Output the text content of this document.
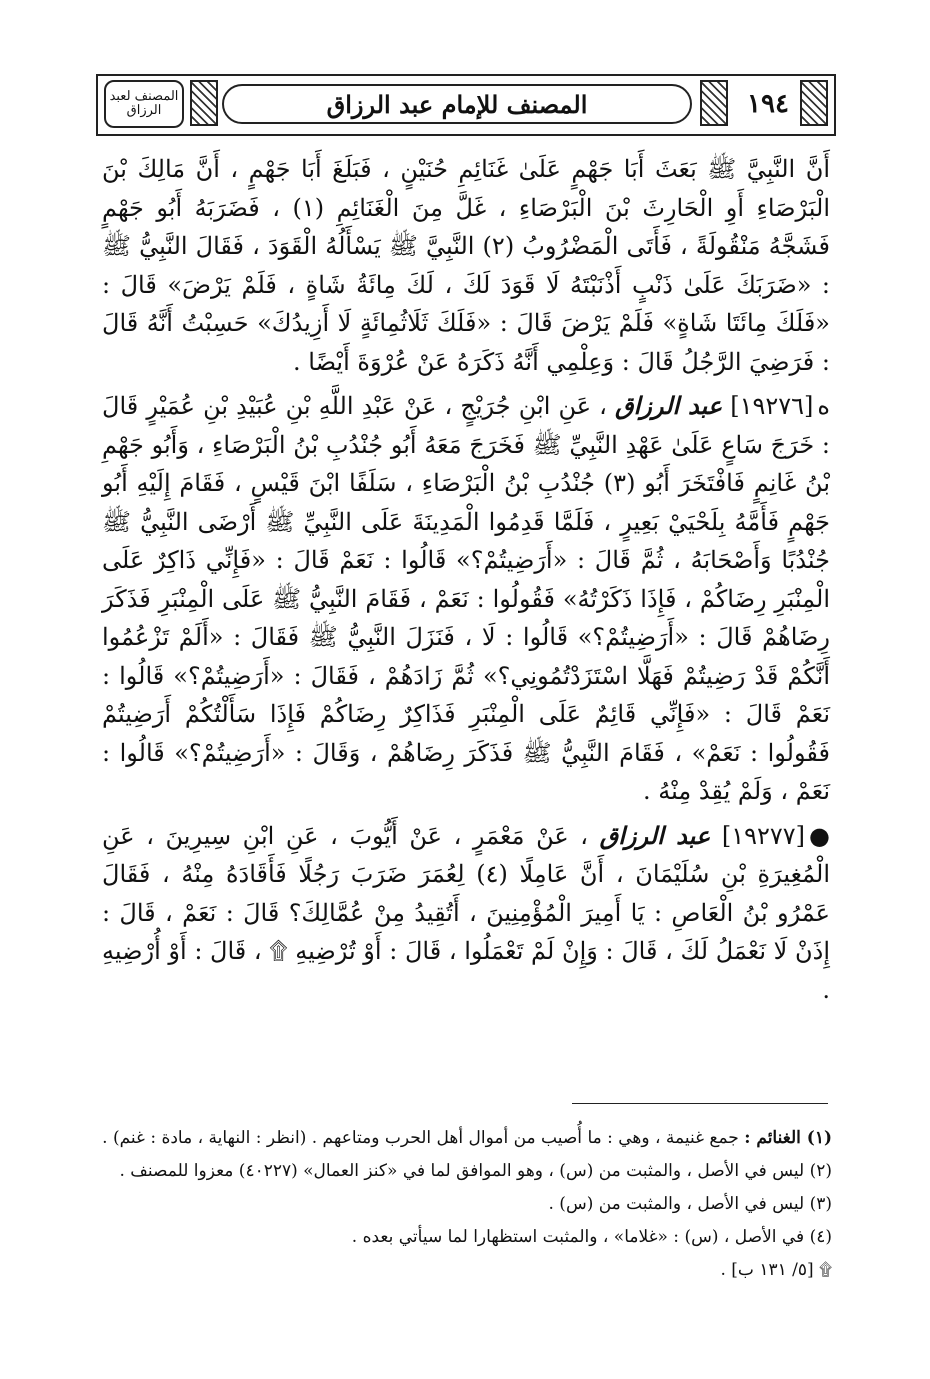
المصنف لعبد الرزاق	المصنف للإمام عبد الرزاق	١٩٤

أَنَّ النَّبِيَّ ﷺ بَعَثَ أَبَا جَهْمٍ عَلَىٰ غَنَائِمِ حُنَيْنٍ ، فَبَلَغَ أَبَا جَهْمٍ ، أَنَّ مَالِكَ بْنَ الْبَرْصَاءِ أَوِ الْحَارِثَ بْنَ الْبَرْصَاءِ ، غَلَّ مِنَ الْغَنَائِمِ (١) ، فَضَرَبَهُ أَبُو جَهْمٍ فَشَجَّهُ مَنْقُولَةً ، فَأَتَى الْمَضْرُوبُ (٢) النَّبِيَّ ﷺ يَسْأَلُهُ الْقَوَدَ ، فَقَالَ النَّبِيُّ ﷺ : «ضَرَبَكَ عَلَىٰ ذَنْبٍ أَذْنَبْتَهُ لَا قَوَدَ لَكَ ، لَكَ مِائَةُ شَاةٍ ، فَلَمْ يَرْضَ» قَالَ : «فَلَكَ مِائَتَا شَاةٍ» فَلَمْ يَرْضَ قَالَ : «فَلَكَ ثَلَاثُمِائَةٍ لَا أَزِيدُكَ» حَسِبْتُ أَنَّهُ قَالَ : فَرَضِيَ الرَّجُلُ قَالَ : وَعِلْمِي أَنَّهُ ذَكَرَهُ عَنْ عُرْوَةَ أَيْضًا .

ه[١٩٢٧٦] عبد الرزاق ، عَنِ ابْنِ جُرَيْجٍ ، عَنْ عَبْدِ اللَّهِ بْنِ عُبَيْدِ بْنِ عُمَيْرٍ قَالَ : خَرَجَ سَاعٍ عَلَىٰ عَهْدِ النَّبِيِّ ﷺ فَخَرَجَ مَعَهُ أَبُو جُنْدُبِ بْنُ الْبَرْصَاءِ ، وَأَبُو جَهْمِ بْنُ غَانِمٍ فَافْتَخَرَ أَبُو (٣) جُنْدُبِ بْنُ الْبَرْصَاءِ ، سَلَفًا ابْنَ قَيْسٍ ، فَقَامَ إِلَيْهِ أَبُو جَهْمٍ فَأَمَّهُ بِلَحْيَيْ بَعِيرٍ ، فَلَمَّا قَدِمُوا الْمَدِينَةَ عَلَى النَّبِيِّ ﷺ أَرْضَى النَّبِيُّ ﷺ جُنْدُبًا وَأَصْحَابَهُ ، ثُمَّ قَالَ : «أَرَضِيتُمْ؟» قَالُوا : نَعَمْ قَالَ : «فَإِنِّي ذَاكِرٌ عَلَى الْمِنْبَرِ رِضَاكُمْ ، فَإِذَا ذَكَرْتُهُ» فَقُولُوا : نَعَمْ ، فَقَامَ النَّبِيُّ ﷺ عَلَى الْمِنْبَرِ فَذَكَرَ رِضَاهُمْ قَالَ : «أَرَضِيتُمْ؟» قَالُوا : لَا ، فَنَزَلَ النَّبِيُّ ﷺ فَقَالَ : «أَلَمْ تَزْعُمُوا أَنَّكُمْ قَدْ رَضِيتُمْ فَهَلَّا اسْتَزَدْتُمُونِي؟» ثُمَّ زَادَهُمْ ، فَقَالَ : «أَرَضِيتُمْ؟» قَالُوا : نَعَمْ قَالَ : «فَإِنِّي قَائِمٌ عَلَى الْمِنْبَرِ فَذَاكِرٌ رِضَاكُمْ فَإِذَا سَأَلْتُكُمْ أَرَضِيتُمْ فَقُولُوا : نَعَمْ» ، فَقَامَ النَّبِيُّ ﷺ فَذَكَرَ رِضَاهُمْ ، وَقَالَ : «أَرَضِيتُمْ؟» قَالُوا : نَعَمْ ، وَلَمْ يُقِدْ مِنْهُ .

●[١٩٢٧٧] عبد الرزاق ، عَنْ مَعْمَرٍ ، عَنْ أَيُّوبَ ، عَنِ ابْنِ سِيرِينَ ، عَنِ الْمُغِيرَةِ بْنِ سُلَيْمَانَ ، أَنَّ عَامِلًا (٤) لِعُمَرَ ضَرَبَ رَجُلًا فَأَقَادَهُ مِنْهُ ، فَقَالَ عَمْرُو بْنُ الْعَاصِ : يَا أَمِيرَ الْمُؤْمِنِينَ ، أَتُقِيدُ مِنْ عُمَّالِكَ؟ قَالَ : نَعَمْ ، قَالَ : إِذَنْ لَا نَعْمَلُ لَكَ ، قَالَ : وَإِنْ لَمْ تَعْمَلُوا ، قَالَ : أَوْ تُرْضِيهِ ۩ ، قَالَ : أَوْ أُرْضِيهِ .

(١) الغنائم : جمع غنيمة ، وهي : ما أُصيب من أموال أهل الحرب ومتاعهم . (انظر : النهاية ، مادة : غنم) .

(٢) ليس في الأصل ، والمثبت من (س) ، وهو الموافق لما في «كنز العمال» (٤٠٢٢٧) معزوا للمصنف .

(٣) ليس في الأصل ، والمثبت من (س) .

(٤) في الأصل ، (س) : «غلاما» ، والمثبت استظهارا لما سيأتي بعده .

۩ [٥/ ١٣١ ب] .
